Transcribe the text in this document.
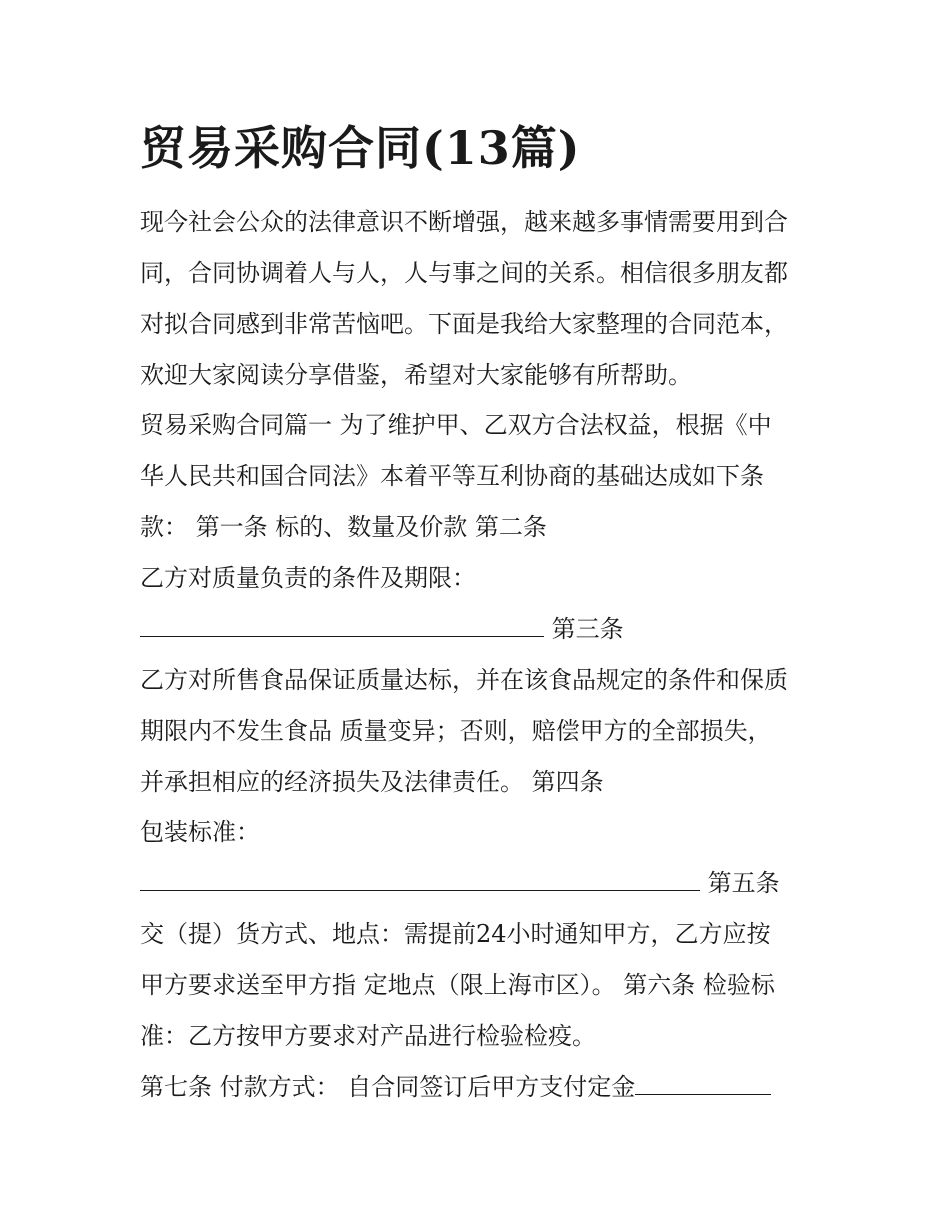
贸易采购合同(13篇)

现今社会公众的法律意识不断增强，越来越多事情需要用到合

同，合同协调着人与人，人与事之间的关系。相信很多朋友都

对拟合同感到非常苦恼吧。下面是我给大家整理的合同范本，

欢迎大家阅读分享借鉴，希望对大家能够有所帮助。

贸易采购合同篇一 为了维护甲、乙双方合法权益，根据《中

华人民共和国合同法》本着平等互利协商的基础达成如下条

款： 第一条 标的、数量及价款 第二条

乙方对质量负责的条件及期限：

第三条

乙方对所售食品保证质量达标，并在该食品规定的条件和保质

期限内不发生食品 质量变异；否则，赔偿甲方的全部损失，

并承担相应的经济损失及法律责任。 第四条

包装标准：

第五条

交（提）货方式、地点：需提前24小时通知甲方，乙方应按

甲方要求送至甲方指 定地点（限上海市区）。 第六条 检验标

准：乙方按甲方要求对产品进行检验检疫。

第七条 付款方式： 自合同签订后甲方支付定金
